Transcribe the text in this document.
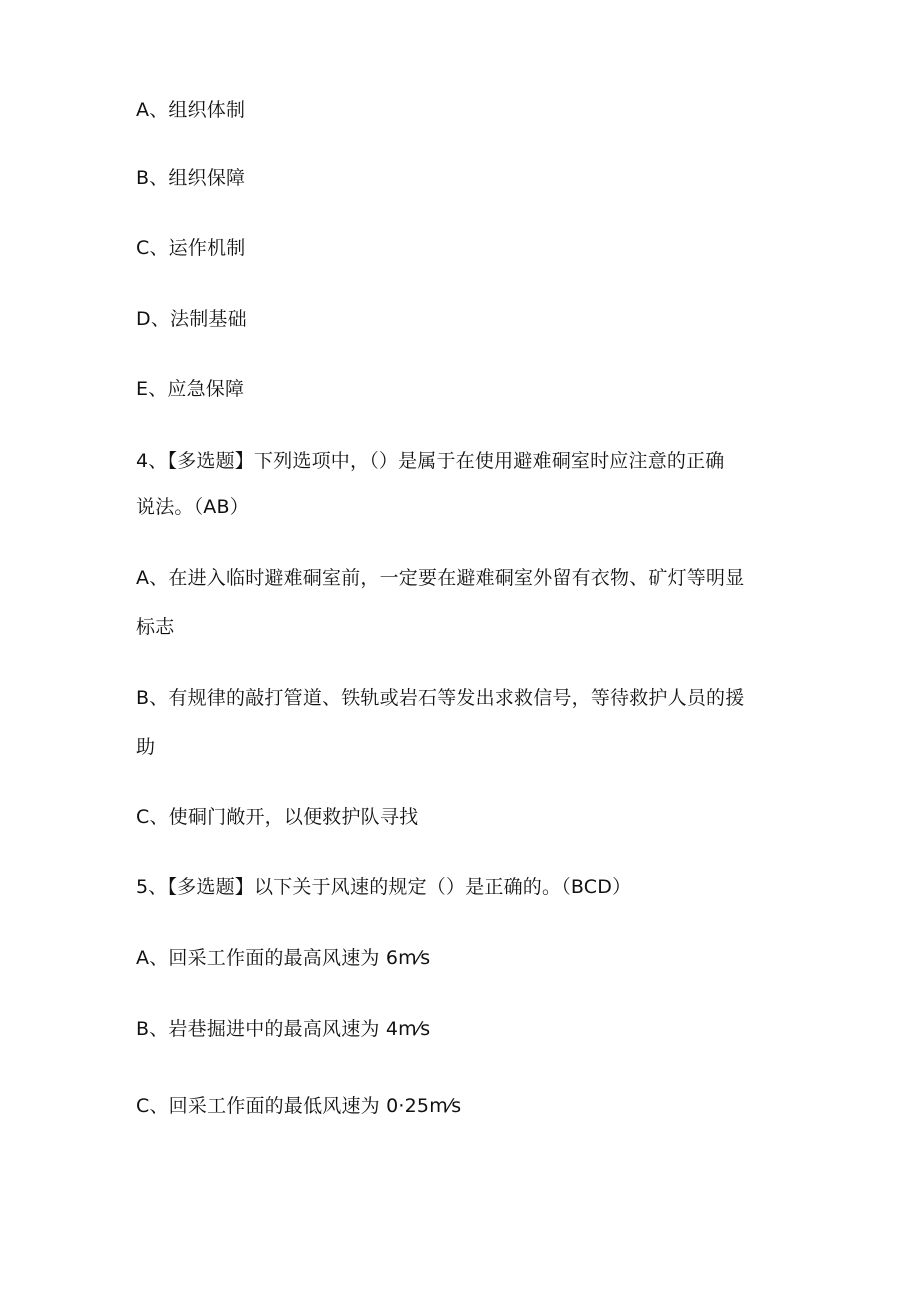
A、组织体制
B、组织保障
C、运作机制
D、法制基础
E、应急保障
4、【多选题】下列选项中，（）是属于在使用避难硐室时应注意的正确
说法。（AB）
A、在进入临时避难硐室前，一定要在避难硐室外留有衣物、矿灯等明显
标志
B、有规律的敲打管道、铁轨或岩石等发出求救信号，等待救护人员的援
助
C、使硐门敞开，以便救护队寻找
5、【多选题】以下关于风速的规定（）是正确的。（BCD）
A、回采工作面的最高风速为 6m⁄s
B、岩巷掘进中的最高风速为 4m⁄s
C、回采工作面的最低风速为 0·25m⁄s
